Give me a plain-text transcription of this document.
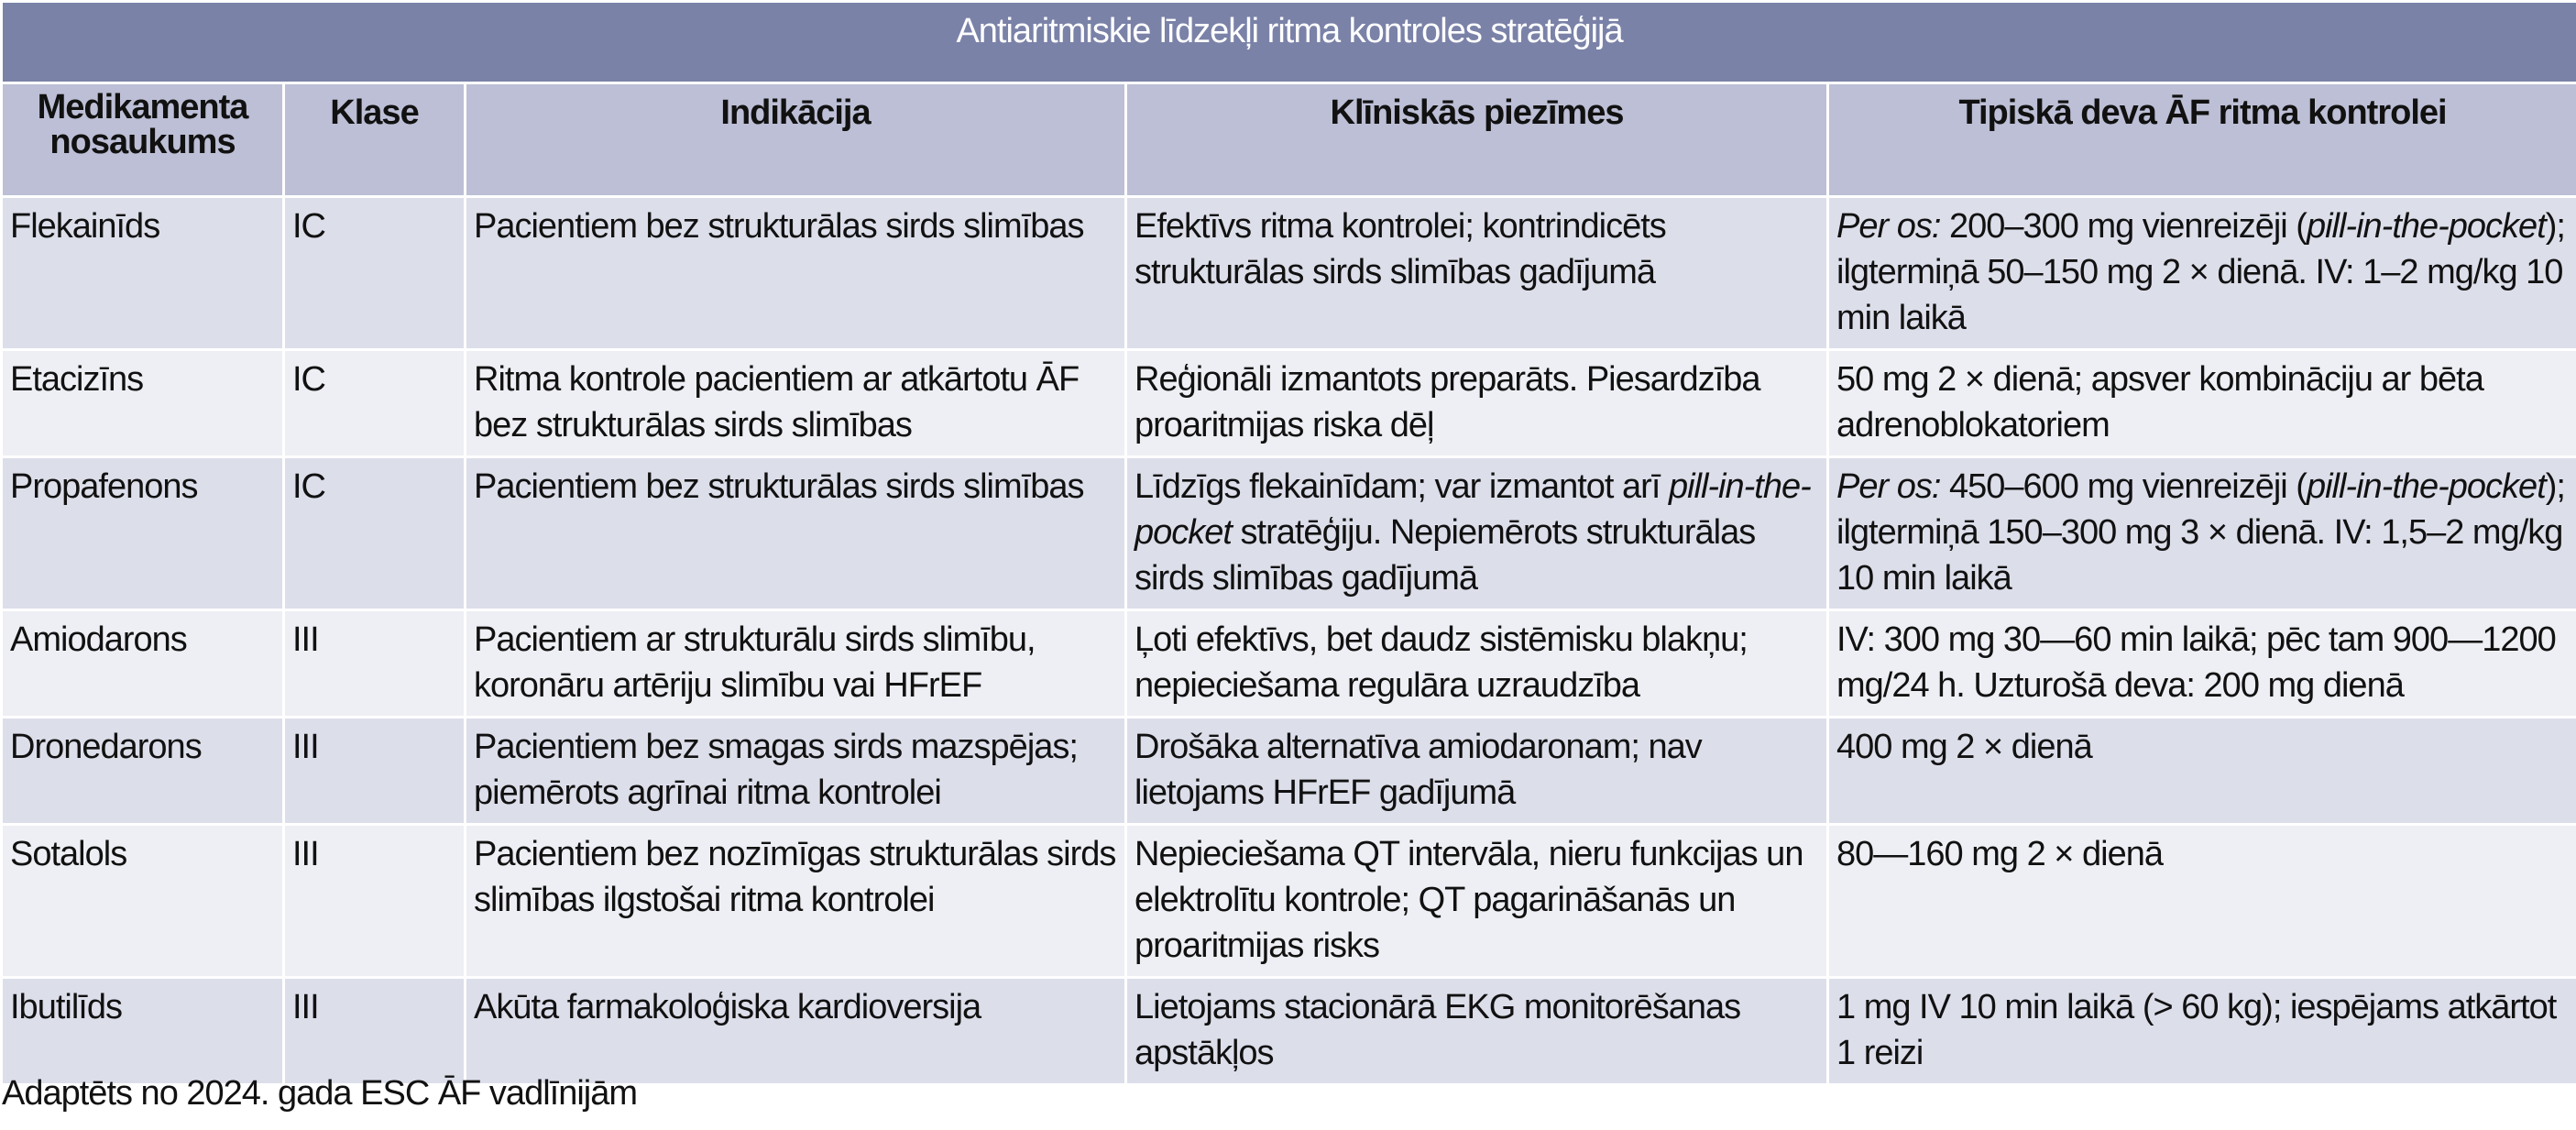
Antiaritmiskie līdzekļi ritma kontroles stratēģijā				
Medikamenta nosaukums	Klase	Indikācija	Klīniskās piezīmes	Tipiskā deva ĀF ritma kontrolei
Flekainīds	IC	Pacientiem bez strukturālas sirds slimības	Efektīvs ritma kontrolei; kontrindicēts strukturālas sirds slimības gadījumā	Per os: 200–300 mg vienreizēji (pill-in-the-pocket); ilgtermiņā 50–150 mg 2 × dienā. IV: 1–2 mg/kg 10 min laikā
Etacizīns	IC	Ritma kontrole pacientiem ar atkārtotu ĀF bez strukturālas sirds slimības	Reģionāli izmantots preparāts. Piesardzība proaritmijas riska dēļ	50 mg 2 × dienā; apsver kombināciju ar bēta adrenoblokatoriem
Propafenons	IC	Pacientiem bez strukturālas sirds slimības	Līdzīgs flekainīdam; var izmantot arī pill-in-the-pocket stratēģiju. Nepiemērots strukturālas sirds slimības gadījumā	Per os: 450–600 mg vienreizēji (pill-in-the-pocket); ilgtermiņā 150–300 mg 3 × dienā. IV: 1,5–2 mg/kg 10 min laikā
Amiodarons	III	Pacientiem ar strukturālu sirds slimību, koronāru artēriju slimību vai HFrEF	Ļoti efektīvs, bet daudz sistēmisku blakņu; nepieciešama regulāra uzraudzība	IV: 300 mg 30—60 min laikā; pēc tam 900—1200 mg/24 h. Uzturošā deva: 200 mg dienā
Dronedarons	III	Pacientiem bez smagas sirds mazspējas; piemērots agrīnai ritma kontrolei	Drošāka alternatīva amiodaronam; nav lietojams HFrEF gadījumā	400 mg 2 × dienā
Sotalols	III	Pacientiem bez nozīmīgas strukturālas sirds slimības ilgstošai ritma kontrolei	Nepieciešama QT intervāla, nieru funkcijas un elektrolītu kontrole; QT pagarināšanās un proaritmijas risks	80—160 mg 2 × dienā
Ibutilīds	III	Akūta farmakoloģiska kardioversija	Lietojams stacionārā EKG monitorēšanas apstākļos	1 mg IV 10 min laikā (> 60 kg); iespējams atkārtot 1 reizi
Adaptēts no 2024. gada ESC ĀF vadlīnijām
